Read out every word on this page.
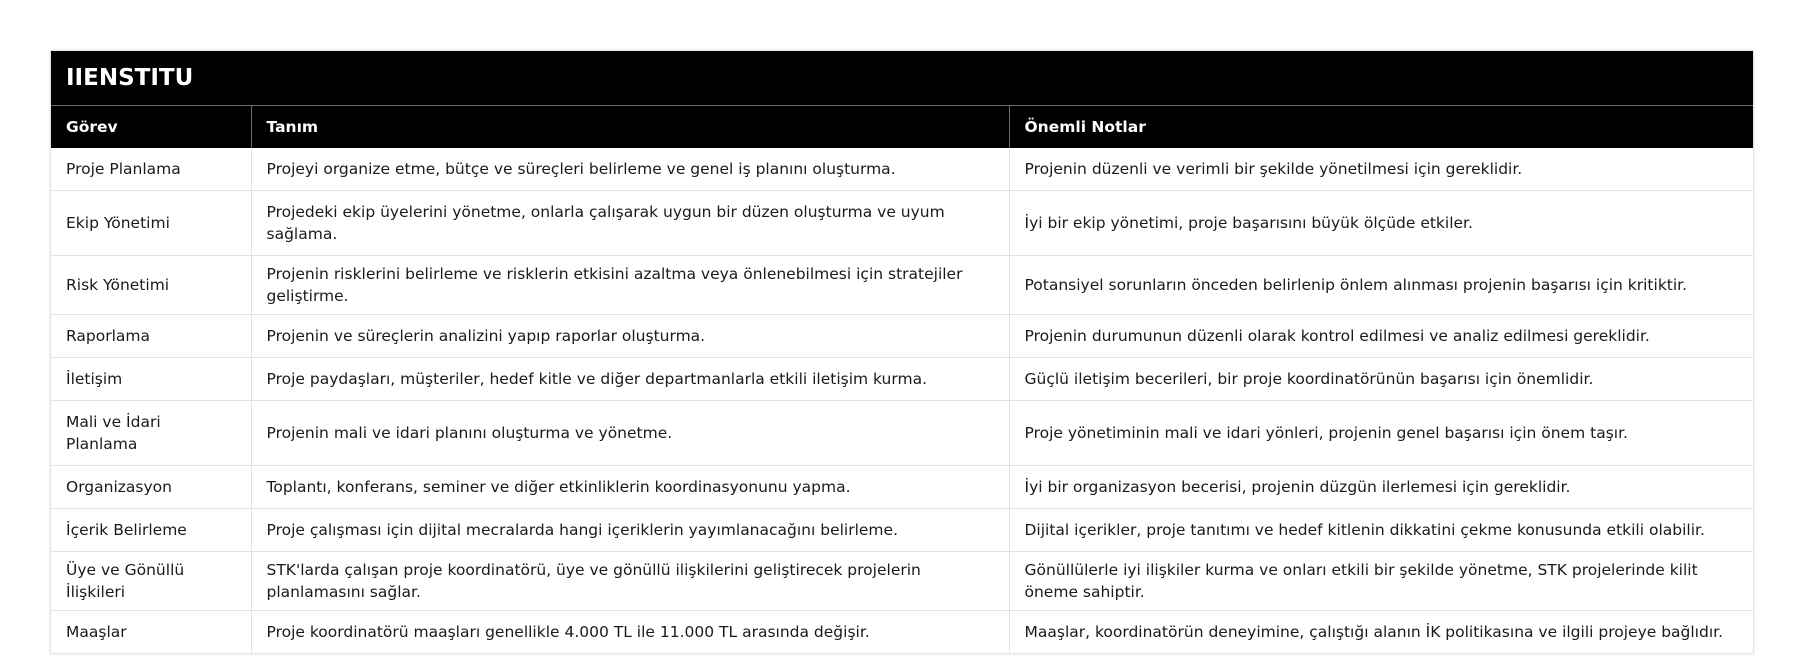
IIENSTITU		
Görev	Tanım	Önemli Notlar
Proje Planlama	Projeyi organize etme, bütçe ve süreçleri belirleme ve genel iş planını oluşturma.	Projenin düzenli ve verimli bir şekilde yönetilmesi için gereklidir.
Ekip Yönetimi	Projedeki ekip üyelerini yönetme, onlarla çalışarak uygun bir düzen oluşturma ve uyum sağlama.	İyi bir ekip yönetimi, proje başarısını büyük ölçüde etkiler.
Risk Yönetimi	Projenin risklerini belirleme ve risklerin etkisini azaltma veya önlenebilmesi için stratejiler geliştirme.	Potansiyel sorunların önceden belirlenip önlem alınması projenin başarısı için kritiktir.
Raporlama	Projenin ve süreçlerin analizini yapıp raporlar oluşturma.	Projenin durumunun düzenli olarak kontrol edilmesi ve analiz edilmesi gereklidir.
İletişim	Proje paydaşları, müşteriler, hedef kitle ve diğer departmanlarla etkili iletişim kurma.	Güçlü iletişim becerileri, bir proje koordinatörünün başarısı için önemlidir.
Mali ve İdari Planlama	Projenin mali ve idari planını oluşturma ve yönetme.	Proje yönetiminin mali ve idari yönleri, projenin genel başarısı için önem taşır.
Organizasyon	Toplantı, konferans, seminer ve diğer etkinliklerin koordinasyonunu yapma.	İyi bir organizasyon becerisi, projenin düzgün ilerlemesi için gereklidir.
İçerik Belirleme	Proje çalışması için dijital mecralarda hangi içeriklerin yayımlanacağını belirleme.	Dijital içerikler, proje tanıtımı ve hedef kitlenin dikkatini çekme konusunda etkili olabilir.
Üye ve Gönüllü İlişkileri	STK'larda çalışan proje koordinatörü, üye ve gönüllü ilişkilerini geliştirecek projelerin planlamasını sağlar.	Gönüllülerle iyi ilişkiler kurma ve onları etkili bir şekilde yönetme, STK projelerinde kilit öneme sahiptir.
Maaşlar	Proje koordinatörü maaşları genellikle 4.000 TL ile 11.000 TL arasında değişir.	Maaşlar, koordinatörün deneyimine, çalıştığı alanın İK politikasına ve ilgili projeye bağlıdır.
